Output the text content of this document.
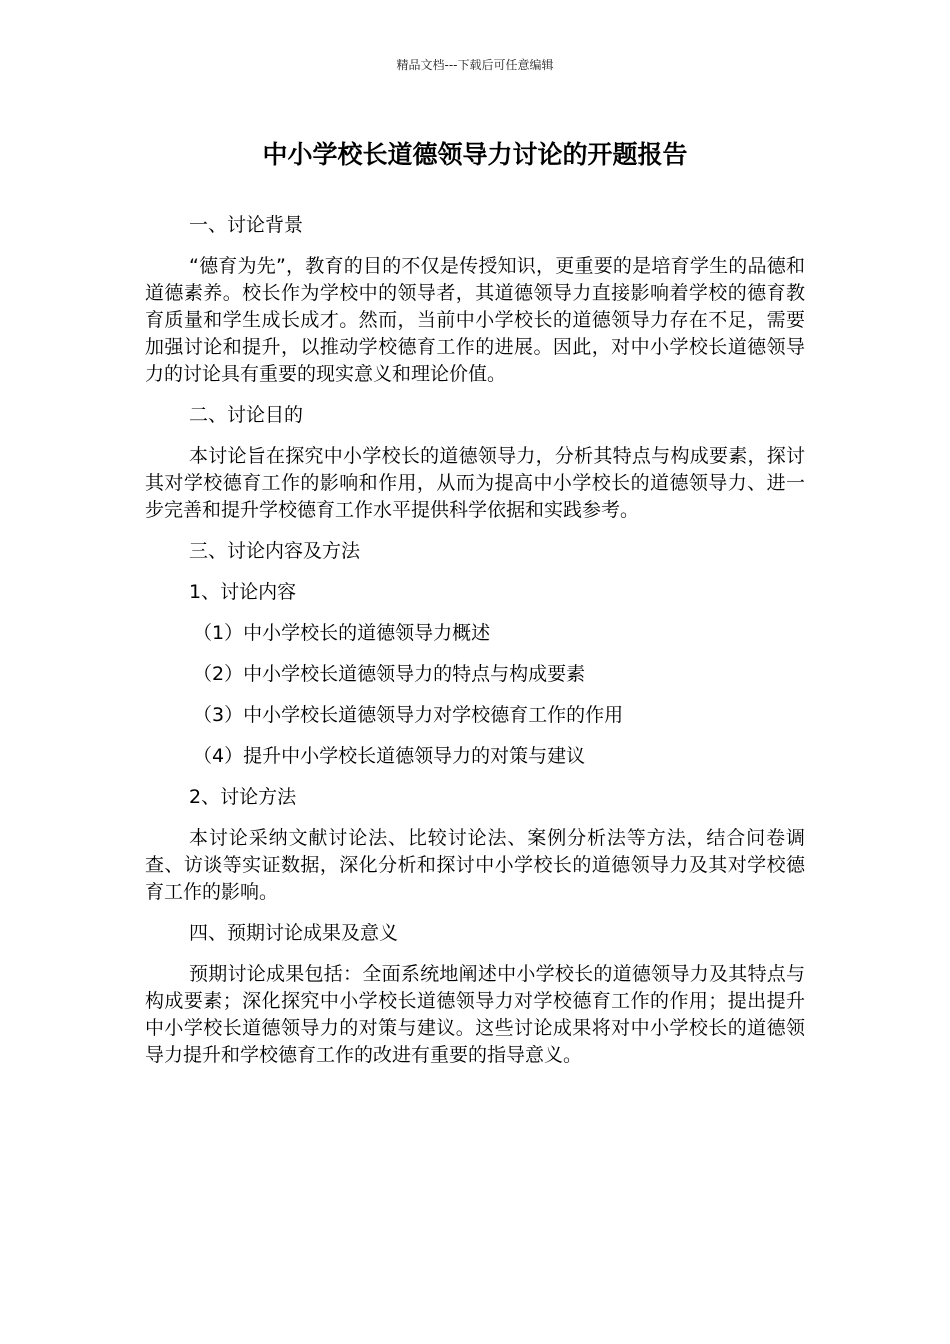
精品文档---下载后可任意编辑
中小学校长道德领导力讨论的开题报告

一、讨论背景

“德育为先”，教育的目的不仅是传授知识，更重要的是培育学生的品德和道德素养。校长作为学校中的领导者，其道德领导力直接影响着学校的德育教育质量和学生成长成才。然而，当前中小学校长的道德领导力存在不足，需要加强讨论和提升，以推动学校德育工作的进展。因此，对中小学校长道德领导力的讨论具有重要的现实意义和理论价值。

二、讨论目的

本讨论旨在探究中小学校长的道德领导力，分析其特点与构成要素，探讨其对学校德育工作的影响和作用，从而为提高中小学校长的道德领导力、进一步完善和提升学校德育工作水平提供科学依据和实践参考。

三、讨论内容及方法

1、讨论内容

（1）中小学校长的道德领导力概述

（2）中小学校长道德领导力的特点与构成要素

（3）中小学校长道德领导力对学校德育工作的作用

（4）提升中小学校长道德领导力的对策与建议

2、讨论方法

本讨论采纳文献讨论法、比较讨论法、案例分析法等方法，结合问卷调查、访谈等实证数据，深化分析和探讨中小学校长的道德领导力及其对学校德育工作的影响。

四、预期讨论成果及意义

预期讨论成果包括：全面系统地阐述中小学校长的道德领导力及其特点与构成要素；深化探究中小学校长道德领导力对学校德育工作的作用；提出提升中小学校长道德领导力的对策与建议。这些讨论成果将对中小学校长的道德领导力提升和学校德育工作的改进有重要的指导意义。
